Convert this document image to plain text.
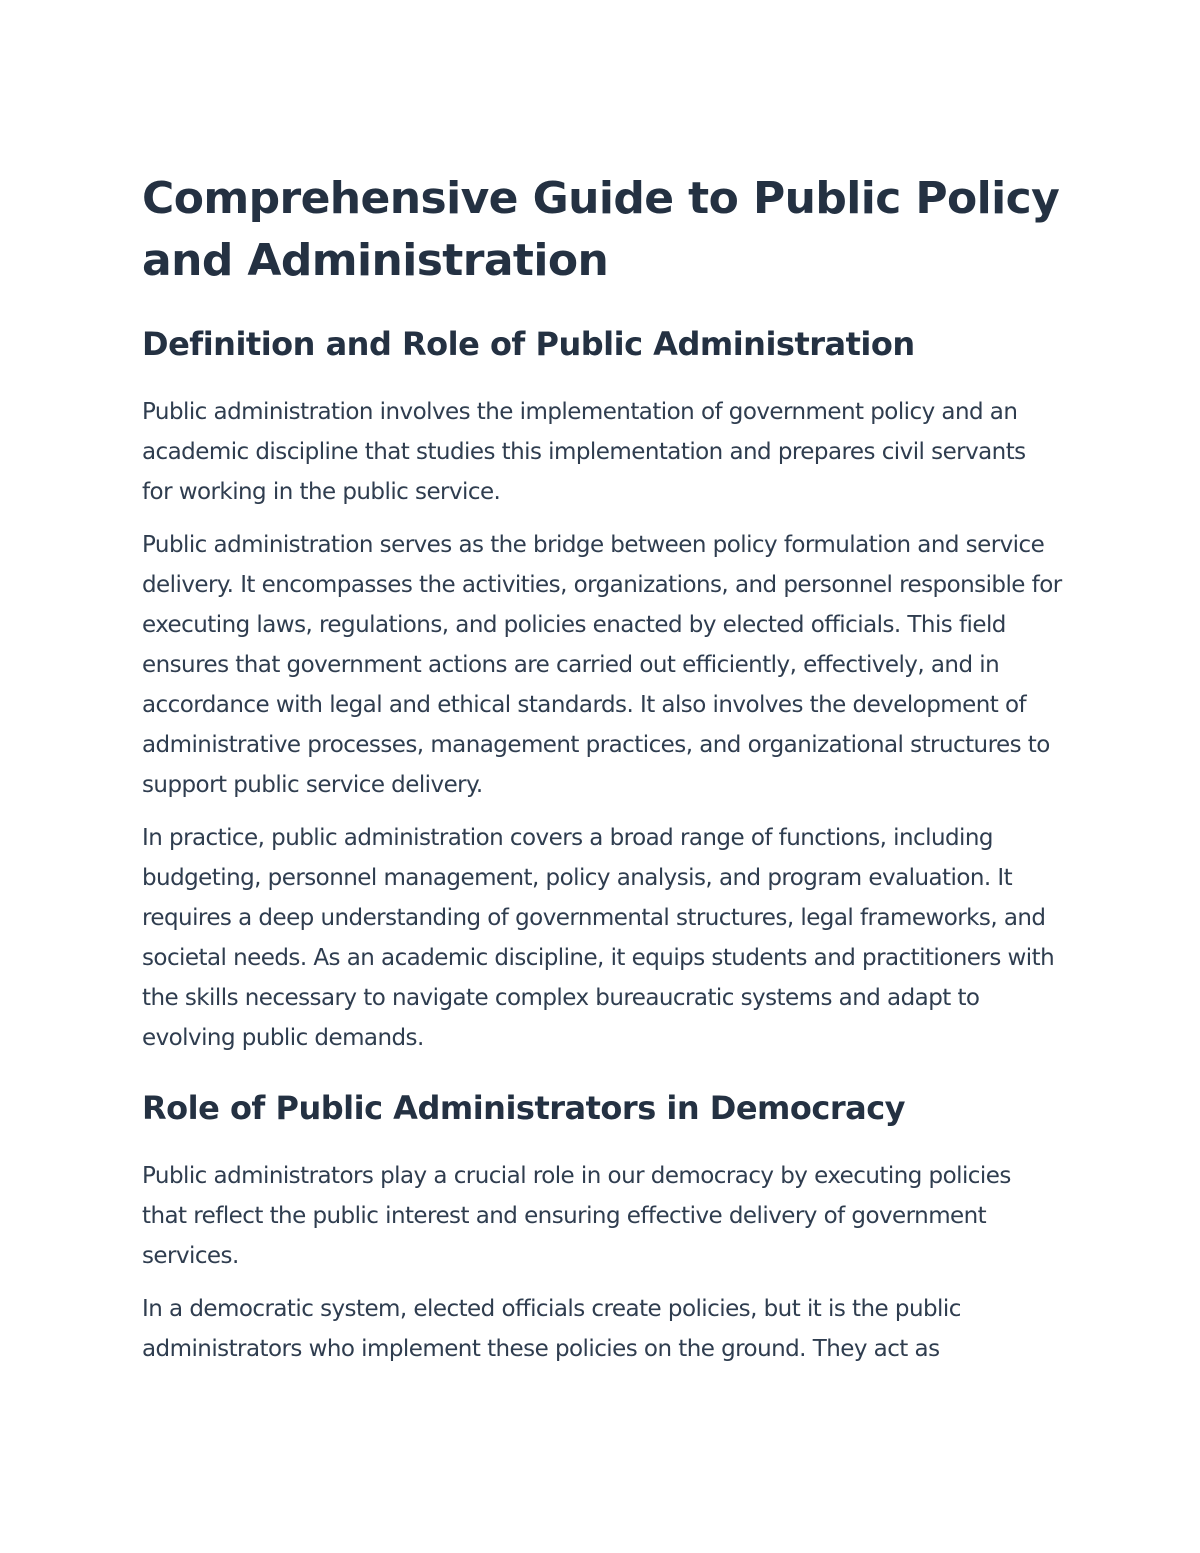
Comprehensive Guide to Public Policy and Administration
Definition and Role of Public Administration

Public administration involves the implementation of government policy and an academic discipline that studies this implementation and prepares civil servants for working in the public service.

Public administration serves as the bridge between policy formulation and service delivery. It encompasses the activities, organizations, and personnel responsible for executing laws, regulations, and policies enacted by elected officials. This field ensures that government actions are carried out efficiently, effectively, and in accordance with legal and ethical standards. It also involves the development of administrative processes, management practices, and organizational structures to support public service delivery.

In practice, public administration covers a broad range of functions, including budgeting, personnel management, policy analysis, and program evaluation. It requires a deep understanding of governmental structures, legal frameworks, and societal needs. As an academic discipline, it equips students and practitioners with the skills necessary to navigate complex bureaucratic systems and adapt to evolving public demands.

Role of Public Administrators in Democracy

Public administrators play a crucial role in our democracy by executing policies that reflect the public interest and ensuring effective delivery of government services.

In a democratic system, elected officials create policies, but it is the public administrators who implement these policies on the ground. They act as
